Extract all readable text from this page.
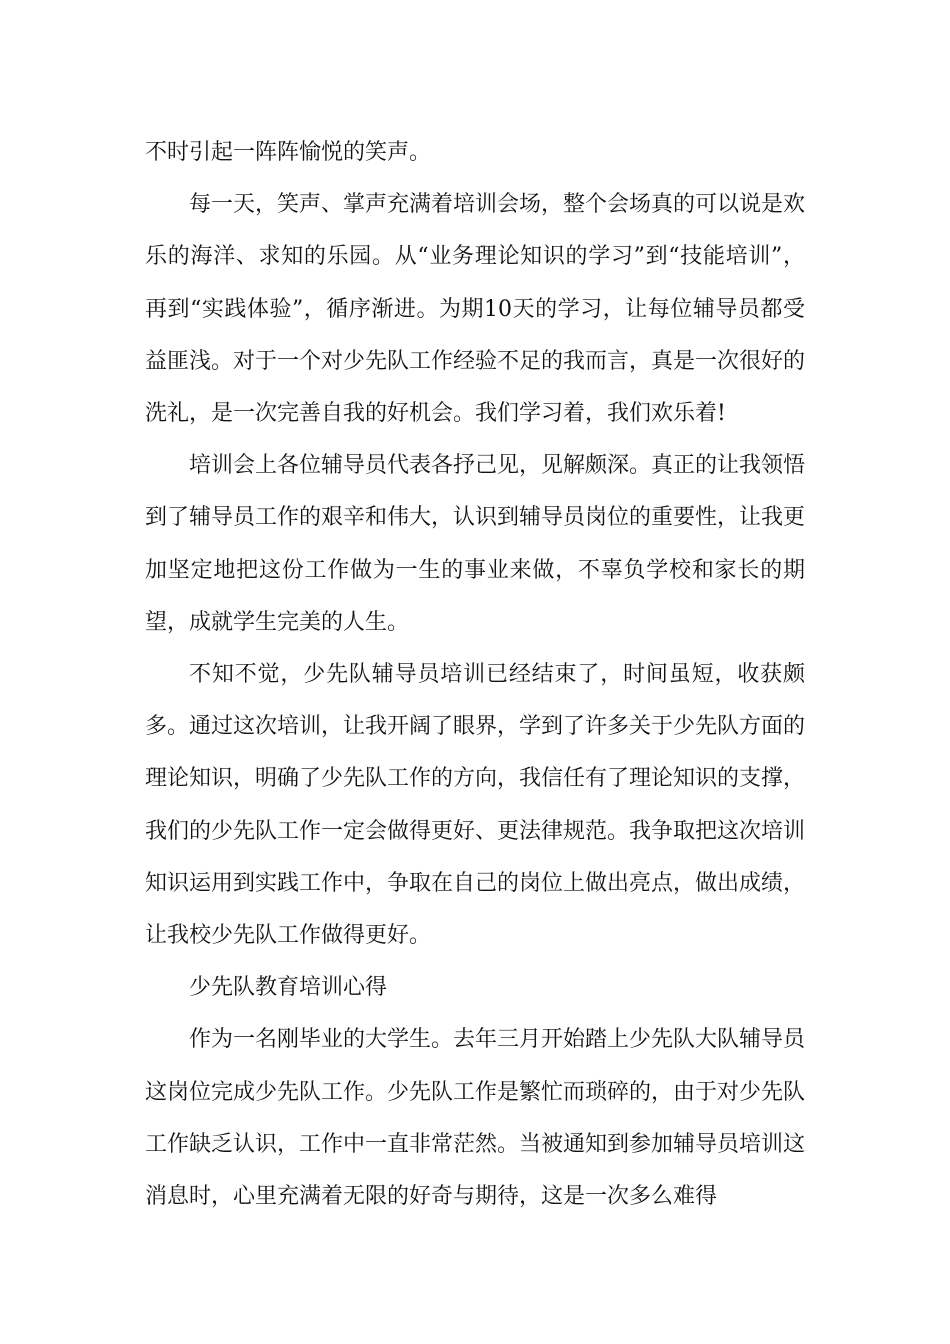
不时引起一阵阵愉悦的笑声。

每一天，笑声、掌声充满着培训会场，整个会场真的可以说是欢乐的海洋、求知的乐园。从“业务理论知识的学习”到“技能培训”，再到“实践体验”，循序渐进。为期10天的学习，让每位辅导员都受益匪浅。对于一个对少先队工作经验不足的我而言，真是一次很好的洗礼，是一次完善自我的好机会。我们学习着，我们欢乐着!

培训会上各位辅导员代表各抒己见，见解颇深。真正的让我领悟到了辅导员工作的艰辛和伟大，认识到辅导员岗位的重要性，让我更加坚定地把这份工作做为一生的事业来做，不辜负学校和家长的期望，成就学生完美的人生。

不知不觉，少先队辅导员培训已经结束了，时间虽短，收获颇多。通过这次培训，让我开阔了眼界，学到了许多关于少先队方面的理论知识，明确了少先队工作的方向，我信任有了理论知识的支撑，我们的少先队工作一定会做得更好、更法律规范。我争取把这次培训知识运用到实践工作中，争取在自己的岗位上做出亮点，做出成绩，让我校少先队工作做得更好。

少先队教育培训心得

作为一名刚毕业的大学生。去年三月开始踏上少先队大队辅导员这岗位完成少先队工作。少先队工作是繁忙而琐碎的，由于对少先队工作缺乏认识，工作中一直非常茫然。当被通知到参加辅导员培训这消息时，心里充满着无限的好奇与期待，这是一次多么难得
